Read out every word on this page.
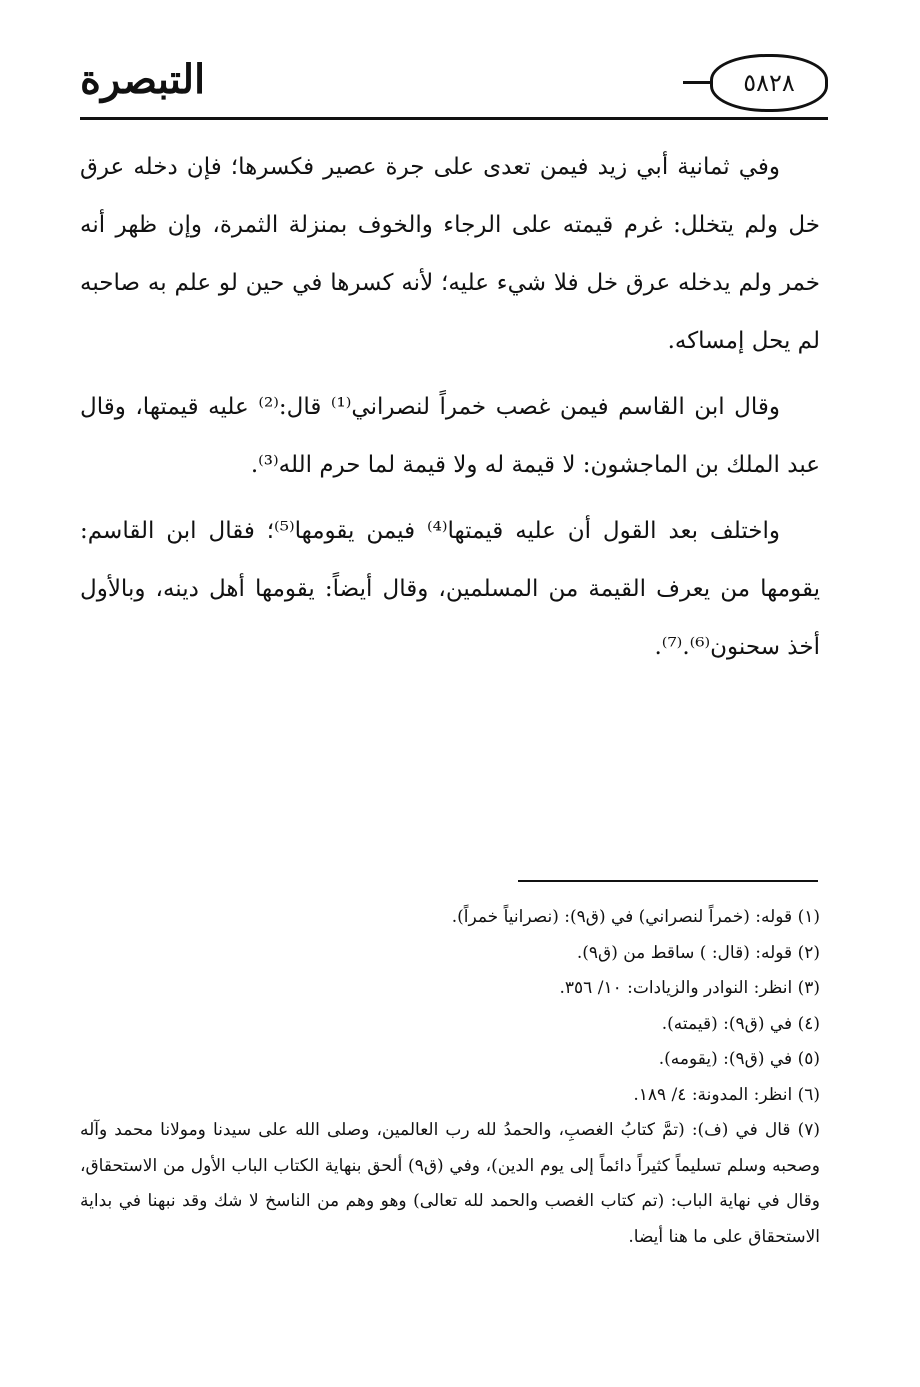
التبصرة	٥٨٢٨

وفي ثمانية أبي زيد فيمن تعدى على جرة عصير فكسرها؛ فإن دخله عرق خل ولم يتخلل: غرم قيمته على الرجاء والخوف بمنزلة الثمرة، وإن ظهر أنه خمر ولم يدخله عرق خل فلا شيء عليه؛ لأنه كسرها في حين لو علم به صاحبه لم يحل إمساكه.

وقال ابن القاسم فيمن غصب خمراً لنصراني⁽¹⁾ قال:⁽²⁾ عليه قيمتها، وقال عبد الملك بن الماجشون: لا قيمة له ولا قيمة لما حرم الله⁽³⁾.

واختلف بعد القول أن عليه قيمتها⁽⁴⁾ فيمن يقومها⁽⁵⁾؛ فقال ابن القاسم: يقومها من يعرف القيمة من المسلمين، وقال أيضاً: يقومها أهل دينه، وبالأول أخذ سحنون⁽⁶⁾.⁽⁷⁾.

(١) قوله: (خمراً لنصراني) في (ق٩): (نصرانياً خمراً).

(٢) قوله: (قال: ) ساقط من (ق٩).

(٣) انظر: النوادر والزيادات: ١٠/ ٣٥٦.

(٤) في (ق٩): (قيمته).

(٥) في (ق٩): (يقومه).

(٦) انظر: المدونة: ٤/ ١٨٩.

(٧) قال في (ف): (تمَّ كتابُ الغصبِ، والحمدُ لله رب العالمين، وصلى الله على سيدنا ومولانا محمد وآله وصحبه وسلم تسليماً كثيراً دائماً إلى يوم الدين)، وفي (ق٩) ألحق بنهاية الكتاب الباب الأول من الاستحقاق، وقال في نهاية الباب: (تم كتاب الغصب والحمد لله تعالى) وهو وهم من الناسخ لا شك وقد نبهنا في بداية الاستحقاق على ما هنا أيضا.
